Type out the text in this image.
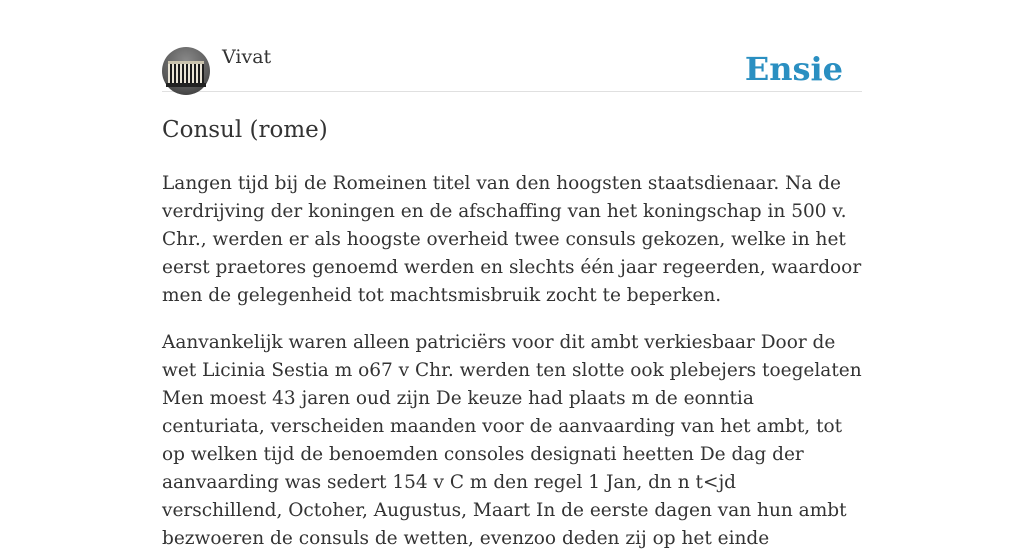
Vivat	Ensie
Consul (rome)

Langen tijd bij de Romeinen titel van den hoogsten staatsdienaar. Na de verdrijving der koningen en de afschaffing van het koningschap in 500 v. Chr., werden er als hoogste overheid twee consuls gekozen, welke in het eerst praetores genoemd werden en slechts één jaar regeerden, waardoor men de gelegenheid tot machtsmisbruik zocht te beperken.

Aanvankelijk waren alleen patriciërs voor dit ambt verkiesbaar Door de wet Licinia Sestia m o67 v Chr. werden ten slotte ook plebejers toegelaten Men moest 43 jaren oud zijn De keuze had plaats m de eonntia centuriata, verscheiden maanden voor de aanvaarding van het ambt, tot op welken tijd de benoemden consoles designati heetten De dag der aanvaarding was sedert 154 v C m den regel 1 Jan, dn n t<jd verschillend, Octoher, Augustus, Maart In de eerste dagen van hun ambt bezwoeren de consuls de wetten, evenzoo deden zij op het einde
